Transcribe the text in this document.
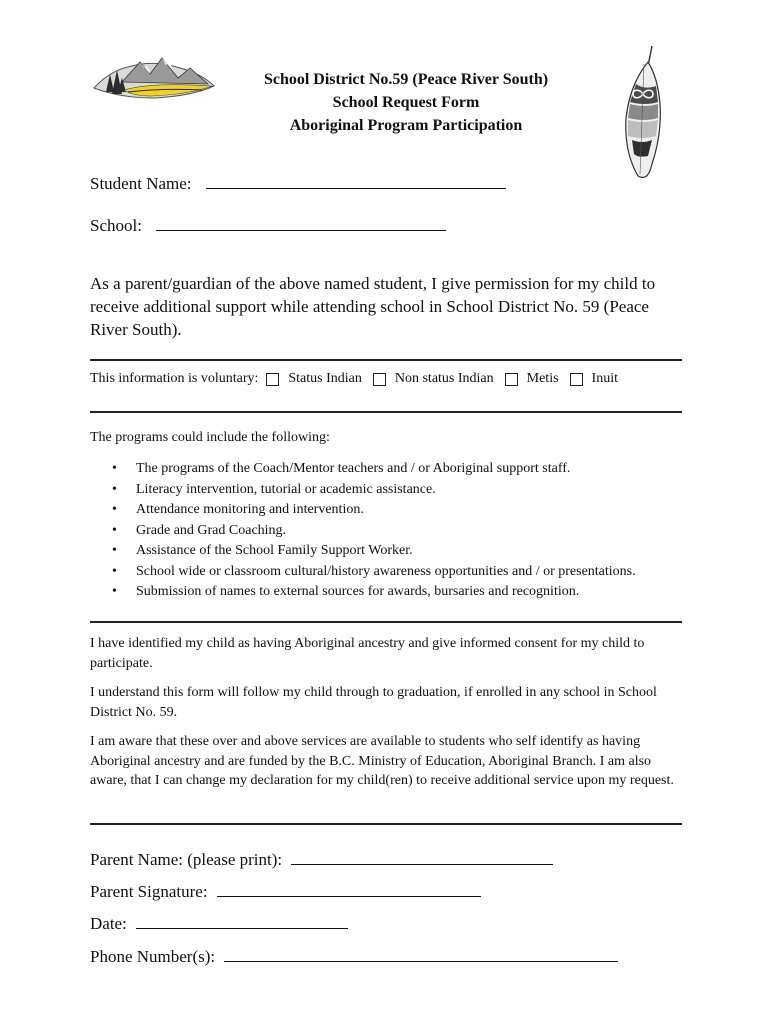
School District No.59 (Peace River South)
School Request Form
Aboriginal Program Participation
Student Name:
School:
As a parent/guardian of the above named student, I give permission for my child to receive additional support while attending school in School District No. 59 (Peace River South).
This information is voluntary: Status Indian Non status Indian Metis Inuit
The programs could include the following:
• The programs of the Coach/Mentor teachers and / or Aboriginal support staff.
• Literacy intervention, tutorial or academic assistance.
• Attendance monitoring and intervention.
• Grade and Grad Coaching.
• Assistance of the School Family Support Worker.
• School wide or classroom cultural/history awareness opportunities and / or presentations.
• Submission of names to external sources for awards, bursaries and recognition.
I have identified my child as having Aboriginal ancestry and give informed consent for my child to participate.
I understand this form will follow my child through to graduation, if enrolled in any school in School District No. 59.
I am aware that these over and above services are available to students who self identify as having Aboriginal ancestry and are funded by the B.C. Ministry of Education, Aboriginal Branch. I am also aware, that I can change my declaration for my child(ren) to receive additional service upon my request.
Parent Name: (please print):
Parent Signature:
Date:
Phone Number(s):
